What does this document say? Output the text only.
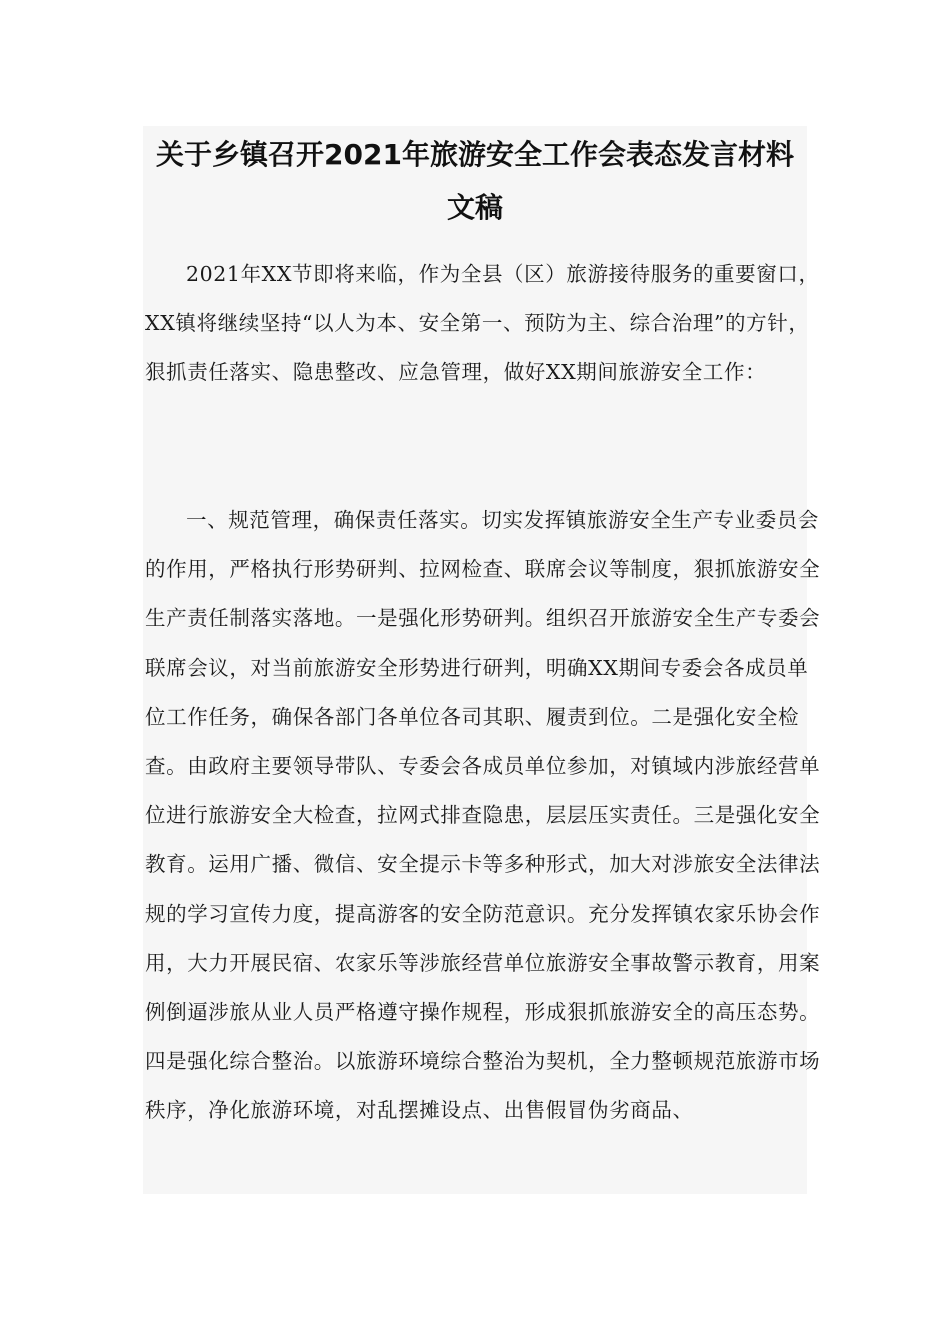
关于乡镇召开2021年旅游安全工作会表态发言材料文稿

2021年XX节即将来临，作为全县（区）旅游接待服务的重要窗口，XX镇将继续坚持“以人为本、安全第一、预防为主、综合治理”的方针，狠抓责任落实、隐患整改、应急管理，做好XX期间旅游安全工作：

一、规范管理，确保责任落实。切实发挥镇旅游安全生产专业委员会的作用，严格执行形势研判、拉网检查、联席会议等制度，狠抓旅游安全生产责任制落实落地。一是强化形势研判。组织召开旅游安全生产专委会联席会议，对当前旅游安全形势进行研判，明确XX期间专委会各成员单位工作任务，确保各部门各单位各司其职、履责到位。二是强化安全检查。由政府主要领导带队、专委会各成员单位参加，对镇域内涉旅经营单位进行旅游安全大检查，拉网式排查隐患，层层压实责任。三是强化安全教育。运用广播、微信、安全提示卡等多种形式，加大对涉旅安全法律法规的学习宣传力度，提高游客的安全防范意识。充分发挥镇农家乐协会作用，大力开展民宿、农家乐等涉旅经营单位旅游安全事故警示教育，用案例倒逼涉旅从业人员严格遵守操作规程，形成狠抓旅游安全的高压态势。四是强化综合整治。以旅游环境综合整治为契机，全力整顿规范旅游市场秩序，净化旅游环境，对乱摆摊设点、出售假冒伪劣商品、
